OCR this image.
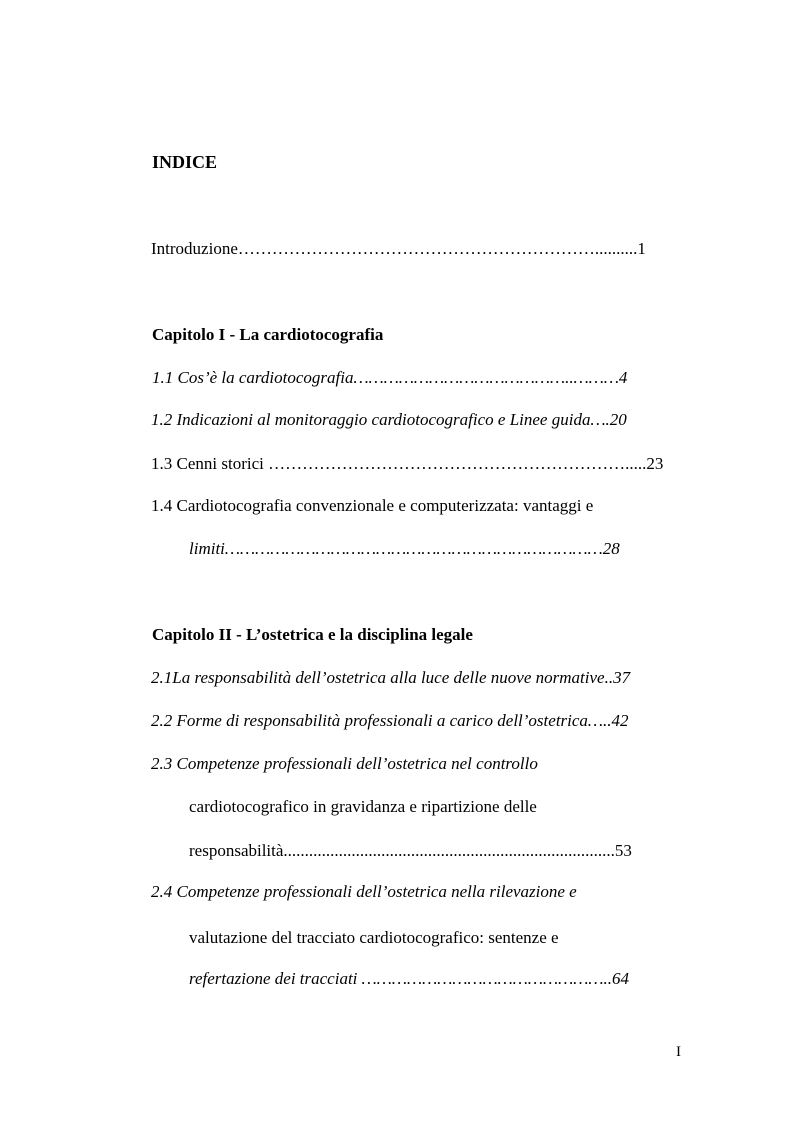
INDICE
Introduzione………………………………………………………..........1
Capitolo I - La cardiotocografia
1.1 Cos’è la cardiotocografia……………………………………..………4
1.2 Indicazioni al monitoraggio cardiotocografico e Linee guida….20
1.3 Cenni storici ……………………………………………………….....23
1.4 Cardiotocografia convenzionale e computerizzata: vantaggi e
limiti…………………………………………………………………28
Capitolo II - L’ostetrica e la disciplina legale
2.1La responsabilità dell’ostetrica alla luce delle nuove normative..37
2.2 Forme di responsabilità professionali a carico dell’ostetrica…..42
2.3 Competenze professionali dell’ostetrica nel controllo
cardiotocografico in gravidanza e ripartizione delle
responsabilità..............................................................................53
2.4 Competenze professionali dell’ostetrica nella rilevazione e
valutazione del tracciato cardiotocografico: sentenze e
refertazione dei tracciati …………………………………………..64
I
